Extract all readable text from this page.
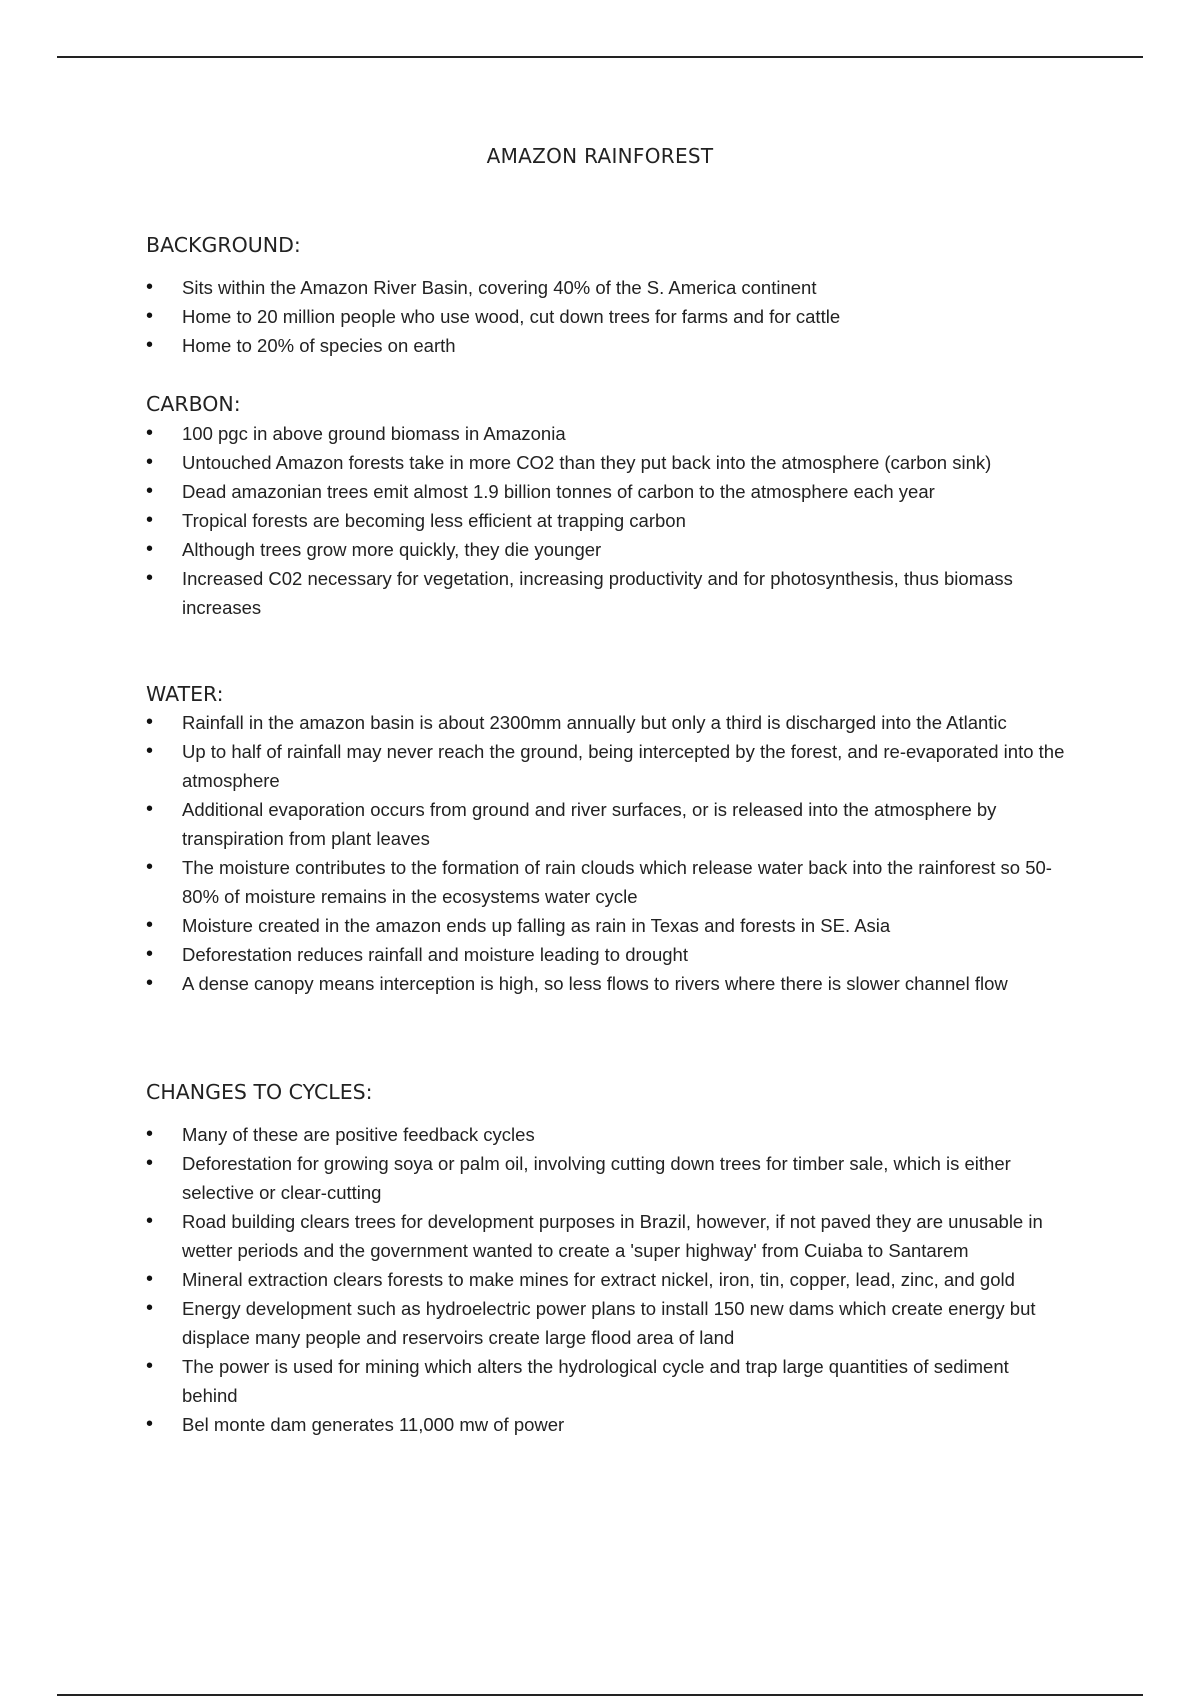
AMAZON RAINFOREST
BACKGROUND:
• Sits within the Amazon River Basin, covering 40% of the S. America continent
• Home to 20 million people who use wood, cut down trees for farms and for cattle
• Home to 20% of species on earth
CARBON:
• 100 pgc in above ground biomass in Amazonia
• Untouched Amazon forests take in more CO2 than they put back into the atmosphere (carbon sink)
• Dead amazonian trees emit almost 1.9 billion tonnes of carbon to the atmosphere each year
• Tropical forests are becoming less efficient at trapping carbon
• Although trees grow more quickly, they die younger
• Increased C02 necessary for vegetation, increasing productivity and for photosynthesis, thus biomass increases
WATER:
• Rainfall in the amazon basin is about 2300mm annually but only a third is discharged into the Atlantic
• Up to half of rainfall may never reach the ground, being intercepted by the forest, and re-evaporated into the atmosphere
• Additional evaporation occurs from ground and river surfaces, or is released into the atmosphere by transpiration from plant leaves
• The moisture contributes to the formation of rain clouds which release water back into the rainforest so 50-80% of moisture remains in the ecosystems water cycle
• Moisture created in the amazon ends up falling as rain in Texas and forests in SE. Asia
• Deforestation reduces rainfall and moisture leading to drought
• A dense canopy means interception is high, so less flows to rivers where there is slower channel flow
CHANGES TO CYCLES:
• Many of these are positive feedback cycles
• Deforestation for growing soya or palm oil, involving cutting down trees for timber sale, which is either selective or clear-cutting
• Road building clears trees for development purposes in Brazil, however, if not paved they are unusable in wetter periods and the government wanted to create a 'super highway' from Cuiaba to Santarem
• Mineral extraction clears forests to make mines for extract nickel, iron, tin, copper, lead, zinc, and gold
• Energy development such as hydroelectric power plans to install 150 new dams which create energy but displace many people and reservoirs create large flood area of land
• The power is used for mining which alters the hydrological cycle and trap large quantities of sediment behind
• Bel monte dam generates 11,000 mw of power
